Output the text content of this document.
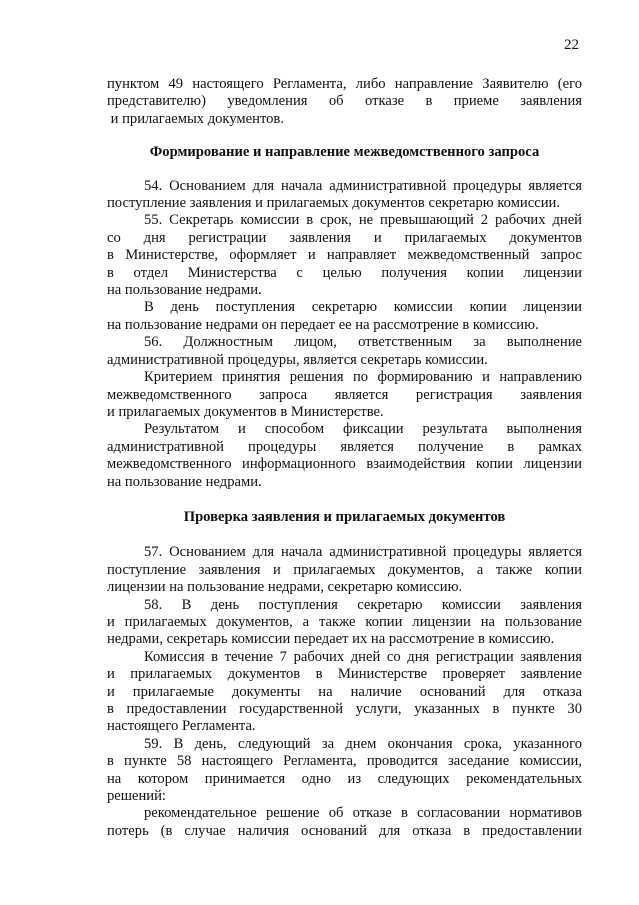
22
пунктом 49 настоящего Регламента, либо направление Заявителю (его
представителю) уведомления об отказе в приеме заявления
и прилагаемых документов.
Формирование и направление межведомственного запроса
54. Основанием для начала административной процедуры является
поступление заявления и прилагаемых документов секретарю комиссии.
55. Секретарь комиссии в срок, не превышающий 2 рабочих дней
со дня регистрации заявления и прилагаемых документов
в Министерстве, оформляет и направляет межведомственный запрос
в отдел Министерства с целью получения копии лицензии
на пользование недрами.
В день поступления секретарю комиссии копии лицензии
на пользование недрами он передает ее на рассмотрение в комиссию.
56. Должностным лицом, ответственным за выполнение
административной процедуры, является секретарь комиссии.
Критерием принятия решения по формированию и направлению
межведомственного запроса является регистрация заявления
и прилагаемых документов в Министерстве.
Результатом и способом фиксации результата выполнения
административной процедуры является получение в рамках
межведомственного информационного взаимодействия копии лицензии
на пользование недрами.
Проверка заявления и прилагаемых документов
57. Основанием для начала административной процедуры является
поступление заявления и прилагаемых документов, а также копии
лицензии на пользование недрами, секретарю комиссию.
58. В день поступления секретарю комиссии заявления
и прилагаемых документов, а также копии лицензии на пользование
недрами, секретарь комиссии передает их на рассмотрение в комиссию.
Комиссия в течение 7 рабочих дней со дня регистрации заявления
и прилагаемых документов в Министерстве проверяет заявление
и прилагаемые документы на наличие оснований для отказа
в предоставлении государственной услуги, указанных в пункте 30
настоящего Регламента.
59. В день, следующий за днем окончания срока, указанного
в пункте 58 настоящего Регламента, проводится заседание комиссии,
на котором принимается одно из следующих рекомендательных
решений:
рекомендательное решение об отказе в согласовании нормативов
потерь (в случае наличия оснований для отказа в предоставлении
